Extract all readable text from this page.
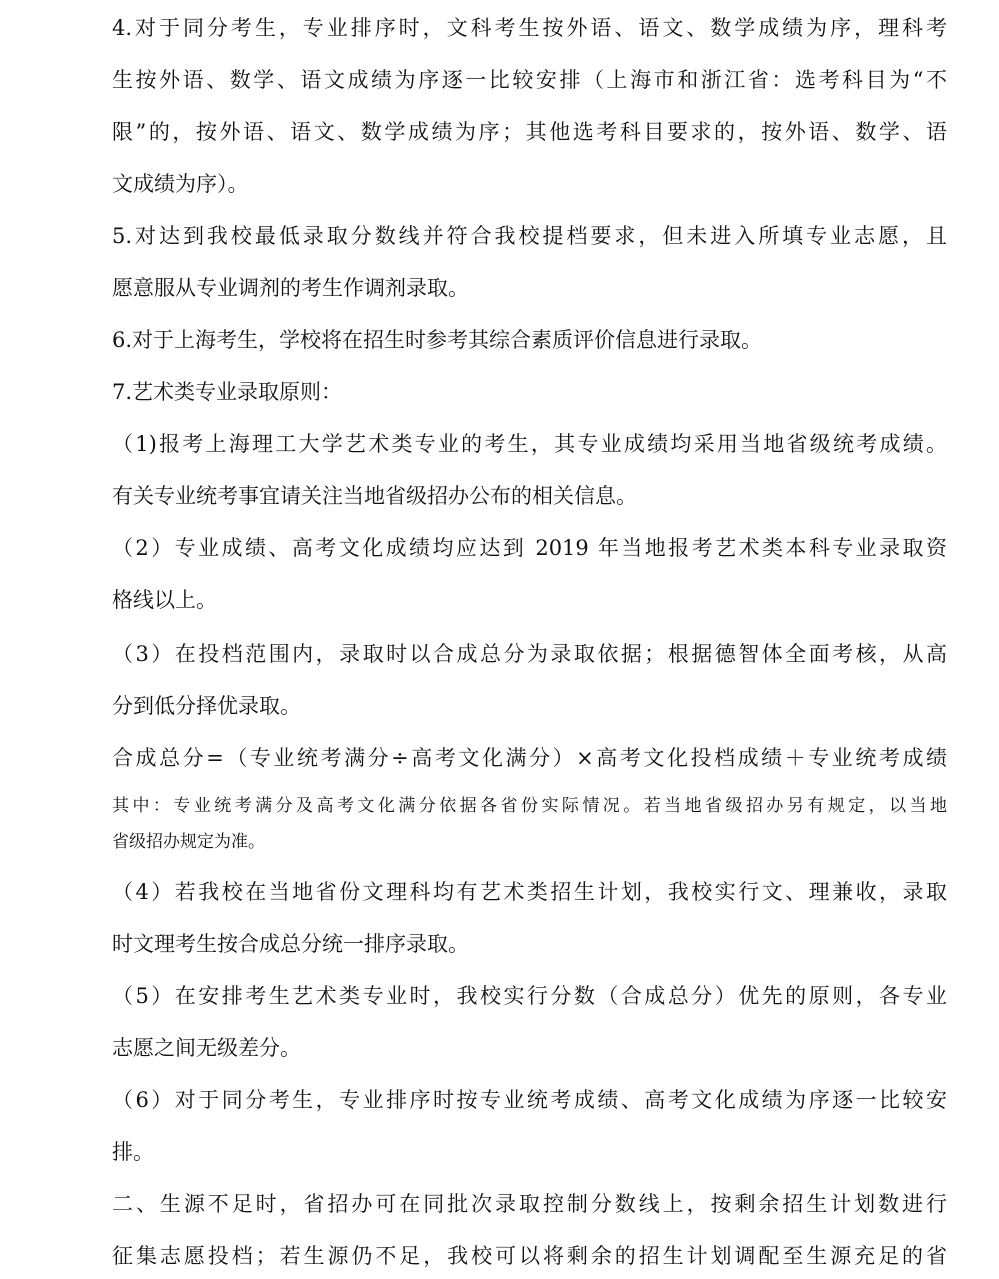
4.对于同分考生，专业排序时，文科考生按外语、语文、数学成绩为序，理科考
生按外语、数学、语文成绩为序逐一比较安排（上海市和浙江省：选考科目为“不
限”的，按外语、语文、数学成绩为序；其他选考科目要求的，按外语、数学、语
文成绩为序）。
5.对达到我校最低录取分数线并符合我校提档要求，但未进入所填专业志愿，且
愿意服从专业调剂的考生作调剂录取。
6.对于上海考生，学校将在招生时参考其综合素质评价信息进行录取。
7.艺术类专业录取原则：
（1)报考上海理工大学艺术类专业的考生，其专业成绩均采用当地省级统考成绩。
有关专业统考事宜请关注当地省级招办公布的相关信息。
（2）专业成绩、高考文化成绩均应达到 2019 年当地报考艺术类本科专业录取资
格线以上。
（3）在投档范围内，录取时以合成总分为录取依据；根据德智体全面考核，从高
分到低分择优录取。
合成总分=（专业统考满分÷高考文化满分）×高考文化投档成绩＋专业统考成绩
其中：专业统考满分及高考文化满分依据各省份实际情况。若当地省级招办另有规定，以当地
省级招办规定为准。
（4）若我校在当地省份文理科均有艺术类招生计划，我校实行文、理兼收，录取
时文理考生按合成总分统一排序录取。
（5）在安排考生艺术类专业时，我校实行分数（合成总分）优先的原则，各专业
志愿之间无级差分。
（6）对于同分考生，专业排序时按专业统考成绩、高考文化成绩为序逐一比较安
排。
二、生源不足时，省招办可在同批次录取控制分数线上，按剩余招生计划数进行
征集志愿投档；若生源仍不足，我校可以将剩余的招生计划调配至生源充足的省
